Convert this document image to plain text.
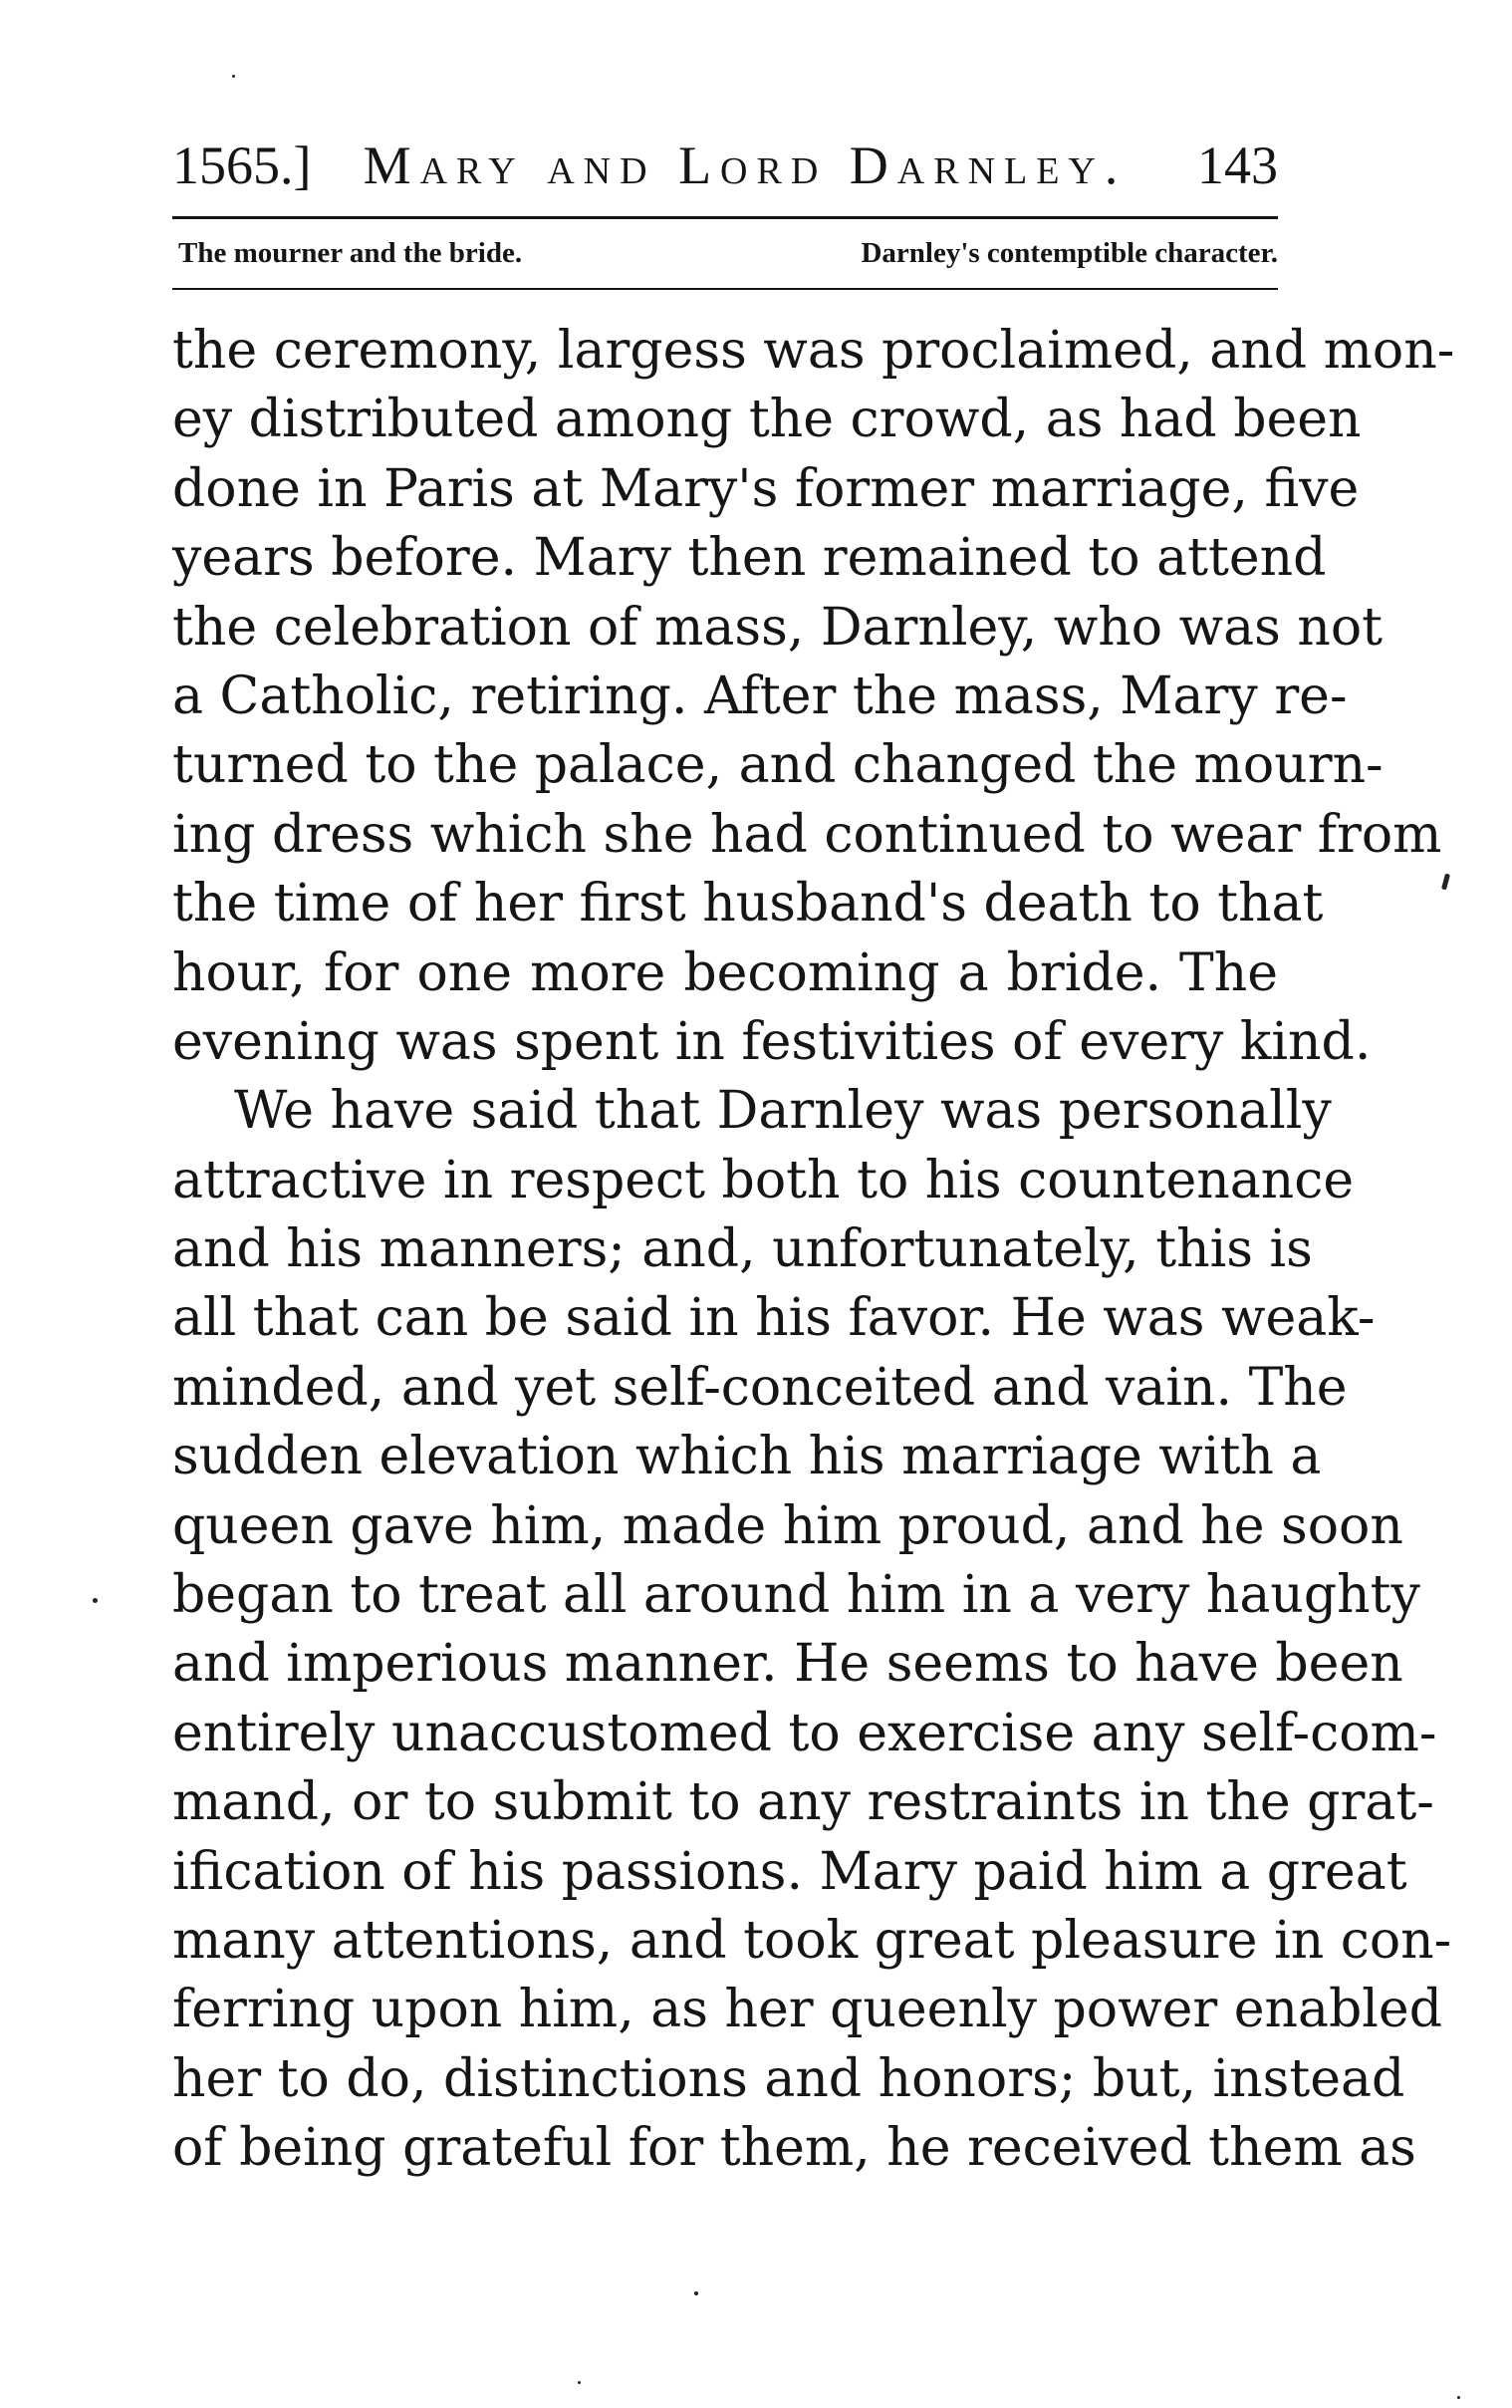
1565.] Mary and Lord Darnley.	143
The mourner and the bride.	Darnley's contemptible character.
the ceremony, largess was proclaimed, and mon-
ey distributed among the crowd, as had been
done in Paris at Mary's former marriage, five
years before. Mary then remained to attend
the celebration of mass, Darnley, who was not
a Catholic, retiring. After the mass, Mary re-
turned to the palace, and changed the mourn-
ing dress which she had continued to wear from
the time of her first husband's death to that
hour, for one more becoming a bride. The
evening was spent in festivities of every kind.
We have said that Darnley was personally
attractive in respect both to his countenance
and his manners; and, unfortunately, this is
all that can be said in his favor. He was weak-
minded, and yet self-conceited and vain. The
sudden elevation which his marriage with a
queen gave him, made him proud, and he soon
began to treat all around him in a very haughty
and imperious manner. He seems to have been
entirely unaccustomed to exercise any self-com-
mand, or to submit to any restraints in the grat-
ification of his passions. Mary paid him a great
many attentions, and took great pleasure in con-
ferring upon him, as her queenly power enabled
her to do, distinctions and honors; but, instead
of being grateful for them, he received them as
